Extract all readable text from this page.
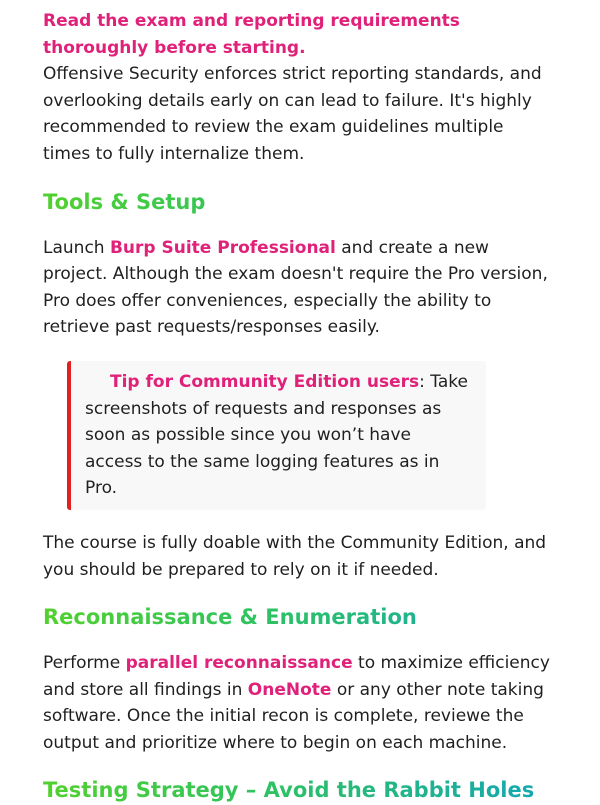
Read the exam and reporting requirements thoroughly before starting.
Offensive Security enforces strict reporting standards, and overlooking details early on can lead to failure. It's highly recommended to review the exam guidelines multiple times to fully internalize them.

Tools & Setup

Launch Burp Suite Professional and create a new project. Although the exam doesn't require the Pro version, Pro does offer conveniences, especially the ability to retrieve past requests/responses easily.

Tip for Community Edition users: Take screenshots of requests and responses as soon as possible since you won’t have access to the same logging features as in Pro.

The course is fully doable with the Community Edition, and you should be prepared to rely on it if needed.

Reconnaissance & Enumeration

Performe parallel reconnaissance to maximize efficiency and store all findings in OneNote or any other note taking software. Once the initial recon is complete, reviewe the output and prioritize where to begin on each machine.

Testing Strategy – Avoid the Rabbit Holes
